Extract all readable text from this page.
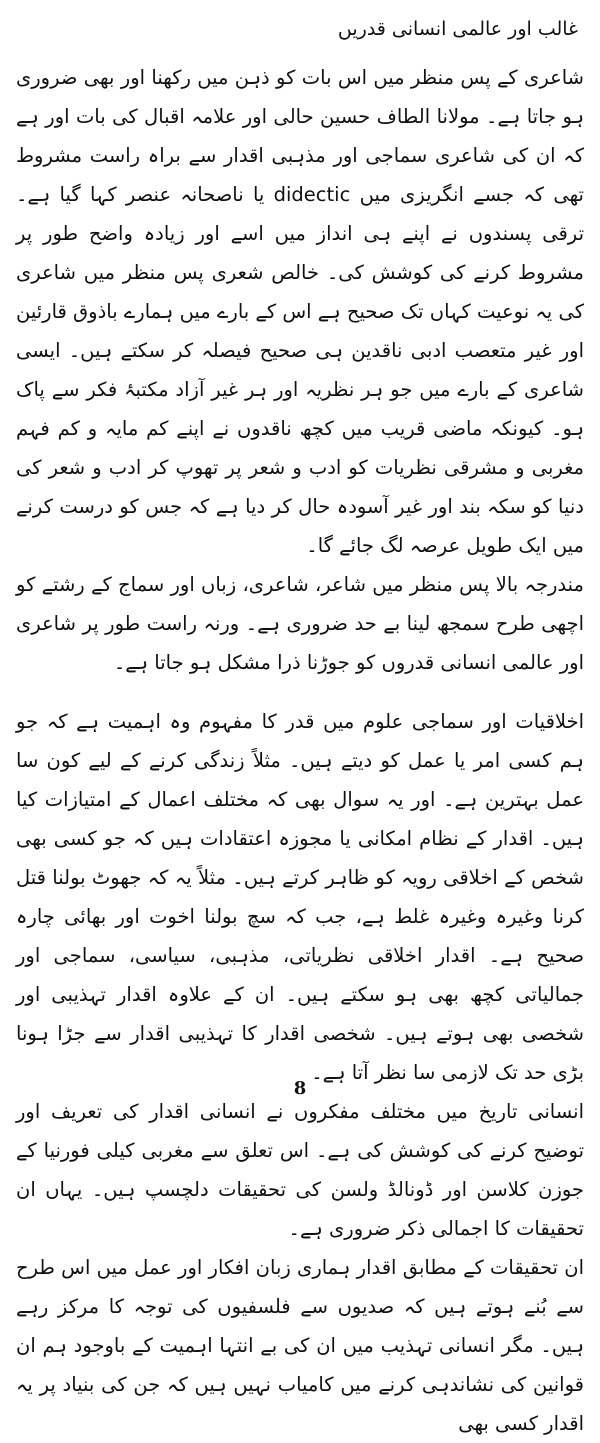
غالب اور عالمی انسانی قدریں

شاعری کے پس منظر میں اس بات کو ذہن میں رکھنا اور بھی ضروری ہو جاتا ہے۔ مولانا الطاف حسین حالی اور علامہ اقبال کی بات اور ہے کہ ان کی شاعری سماجی اور مذہبی اقدار سے براہ راست مشروط تھی کہ جسے انگریزی میں didectic یا ناصحانہ عنصر کہا گیا ہے۔ ترقی پسندوں نے اپنے ہی انداز میں اسے اور زیادہ واضح طور پر مشروط کرنے کی کوشش کی۔ خالص شعری پس منظر میں شاعری کی یہ نوعیت کہاں تک صحیح ہے اس کے بارے میں ہمارے باذوق قارئین اور غیر متعصب ادبی ناقدین ہی صحیح فیصلہ کر سکتے ہیں۔ ایسی شاعری کے بارے میں جو ہر نظریہ اور ہر غیر آزاد مکتبۂ فکر سے پاک ہو۔ کیونکہ ماضی قریب میں کچھ ناقدوں نے اپنے کم مایہ و کم فہم مغربی و مشرقی نظریات کو ادب و شعر پر تھوپ کر ادب و شعر کی دنیا کو سکہ بند اور غیر آسودہ حال کر دیا ہے کہ جس کو درست کرنے میں ایک طویل عرصہ لگ جائے گا۔

مندرجہ بالا پس منظر میں شاعر، شاعری، زباں اور سماج کے رشتے کو اچھی طرح سمجھ لینا بے حد ضروری ہے۔ ورنہ راست طور پر شاعری اور عالمی انسانی قدروں کو جوڑنا ذرا مشکل ہو جاتا ہے۔

اخلاقیات اور سماجی علوم میں قدر کا مفہوم وہ اہمیت ہے کہ جو ہم کسی امر یا عمل کو دیتے ہیں۔ مثلاً زندگی کرنے کے لیے کون سا عمل بہترین ہے۔ اور یہ سوال بھی کہ مختلف اعمال کے امتیازات کیا ہیں۔ اقدار کے نظام امکانی یا مجوزہ اعتقادات ہیں کہ جو کسی بھی شخص کے اخلاقی رویہ کو ظاہر کرتے ہیں۔ مثلاً یہ کہ جھوٹ بولنا قتل کرنا وغیرہ وغیرہ غلط ہے، جب کہ سچ بولنا اخوت اور بھائی چارہ صحیح ہے۔ اقدار اخلاقی نظریاتی، مذہبی، سیاسی، سماجی اور جمالیاتی کچھ بھی ہو سکتے ہیں۔ ان کے علاوہ اقدار تہذیبی اور شخصی بھی ہوتے ہیں۔ شخصی اقدار کا تہذیبی اقدار سے جڑا ہونا بڑی حد تک لازمی سا نظر آتا ہے۔

انسانی تاریخ میں مختلف مفکروں نے انسانی اقدار کی تعریف اور توضیح کرنے کی کوشش کی ہے۔ اس تعلق سے مغربی کیلی فورنیا کے جوزن کلاسن اور ڈونالڈ ولسن کی تحقیقات دلچسپ ہیں۔ یہاں ان تحقیقات کا اجمالی ذکر ضروری ہے۔

ان تحقیقات کے مطابق اقدار ہماری زبان افکار اور عمل میں اس طرح سے بُنے ہوتے ہیں کہ صدیوں سے فلسفیوں کی توجہ کا مرکز رہے ہیں۔ مگر انسانی تہذیب میں ان کی بے انتہا اہمیت کے باوجود ہم ان قوانین کی نشاندہی کرنے میں کامیاب نہیں ہیں کہ جن کی بنیاد پر یہ اقدار کسی بھی

8
